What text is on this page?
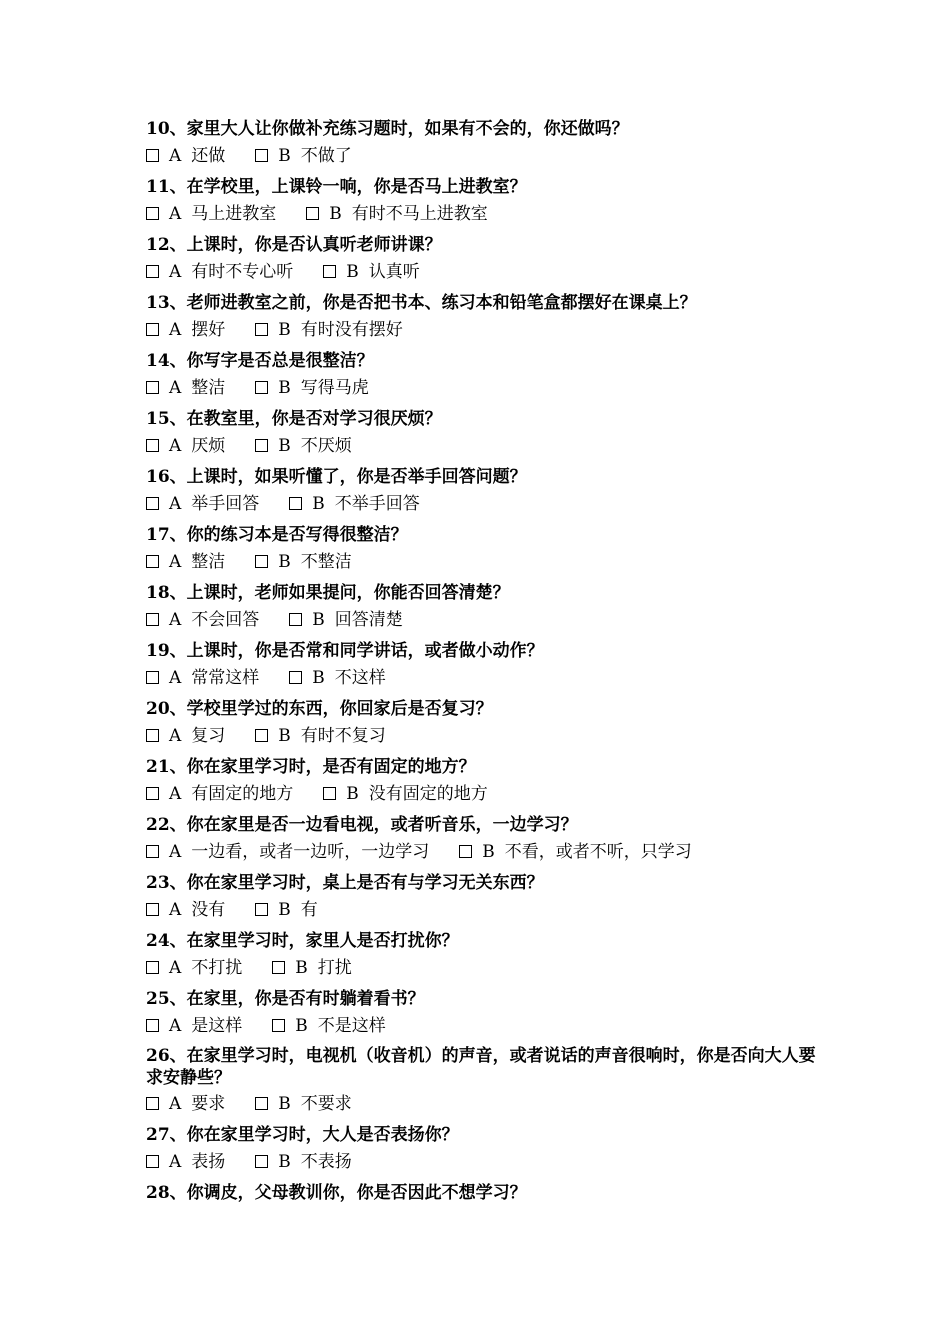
10、家里大人让你做补充练习题时，如果有不会的，你还做吗？

A 还做	B 不做了

11、在学校里，上课铃一响，你是否马上进教室？

A 马上进教室	B 有时不马上进教室

12、上课时，你是否认真听老师讲课？

A 有时不专心听	B 认真听

13、老师进教室之前，你是否把书本、练习本和铅笔盒都摆好在课桌上？

A 摆好	B 有时没有摆好

14、你写字是否总是很整洁？

A 整洁	B 写得马虎

15、在教室里，你是否对学习很厌烦？

A 厌烦	B 不厌烦

16、上课时，如果听懂了，你是否举手回答问题？

A 举手回答	B 不举手回答

17、你的练习本是否写得很整洁？

A 整洁	B 不整洁

18、上课时，老师如果提问，你能否回答清楚？

A 不会回答	B 回答清楚

19、上课时，你是否常和同学讲话，或者做小动作？

A 常常这样	B 不这样

20、学校里学过的东西，你回家后是否复习？

A 复习	B 有时不复习

21、你在家里学习时，是否有固定的地方？

A 有固定的地方	B 没有固定的地方

22、你在家里是否一边看电视，或者听音乐，一边学习？

A 一边看，或者一边听，一边学习	B 不看，或者不听，只学习

23、你在家里学习时，桌上是否有与学习无关东西？

A 没有	B 有

24、在家里学习时，家里人是否打扰你？

A 不打扰	B 打扰

25、在家里，你是否有时躺着看书？

A 是这样	B 不是这样

26、在家里学习时，电视机（收音机）的声音，或者说话的声音很响时，你是否向大人要求安静些？

A 要求	B 不要求

27、你在家里学习时，大人是否表扬你？

A 表扬	B 不表扬

28、你调皮，父母教训你，你是否因此不想学习？
